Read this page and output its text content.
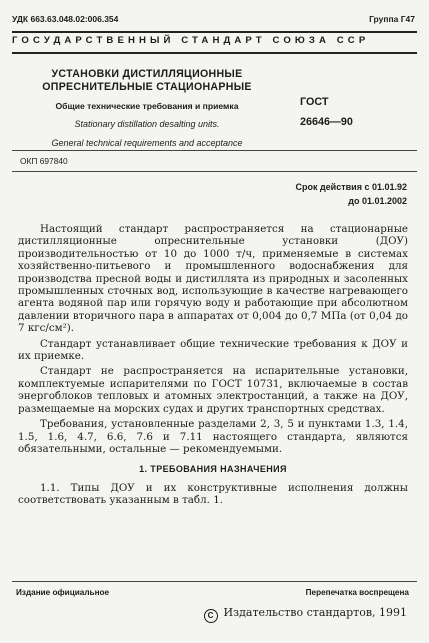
УДК 663.63.048.02:006.354	Группа Г47
ГОСУДАРСТВЕННЫЙ СТАНДАРТ СОЮЗА ССР
УСТАНОВКИ ДИСТИЛЛЯЦИОННЫЕ
ОПРЕСНИТЕЛЬНЫЕ СТАЦИОНАРНЫЕ
Общие технические требования и приемка
Stationary distillation desalting units.
General technical requirements and acceptance
ГОСТ
26646—90
ОКП 697840
Срок действия с 01.01.92
до 01.01.2002

Настоящий стандарт распространяется на стационарные дистилляционные опреснительные установки (ДОУ) производительностью от 10 до 1000 т/ч, применяемые в системах хозяйственно-питьевого и промышленного водоснабжения для производства пресной воды и дистиллята из природных и засоленных промышленных сточных вод, использующие в качестве нагревающего агента водяной пар или горячую воду и работающие при абсолютном давлении вторичного пара в аппаратах от 0,004 до 0,7 МПа (от 0,04 до 7 кгс/см²).

Стандарт устанавливает общие технические требования к ДОУ и их приемке.

Стандарт не распространяется на испарительные установки, комплектуемые испарителями по ГОСТ 10731, включаемые в состав энергоблоков тепловых и атомных электростанций, а также на ДОУ, размещаемые на морских судах и других транспортных средствах.

Требования, установленные разделами 2, 3, 5 и пунктами 1.3, 1.4, 1.5, 1.6, 4.7, 6.6, 7.6 и 7.11 настоящего стандарта, являются обязательными, остальные — рекомендуемыми.

1. ТРЕБОВАНИЯ НАЗНАЧЕНИЯ

1.1. Типы ДОУ и их конструктивные исполнения должны соответствовать указанным в табл. 1.

Издание официальное	Перепечатка воспрещена
С Издательство стандартов, 1991
